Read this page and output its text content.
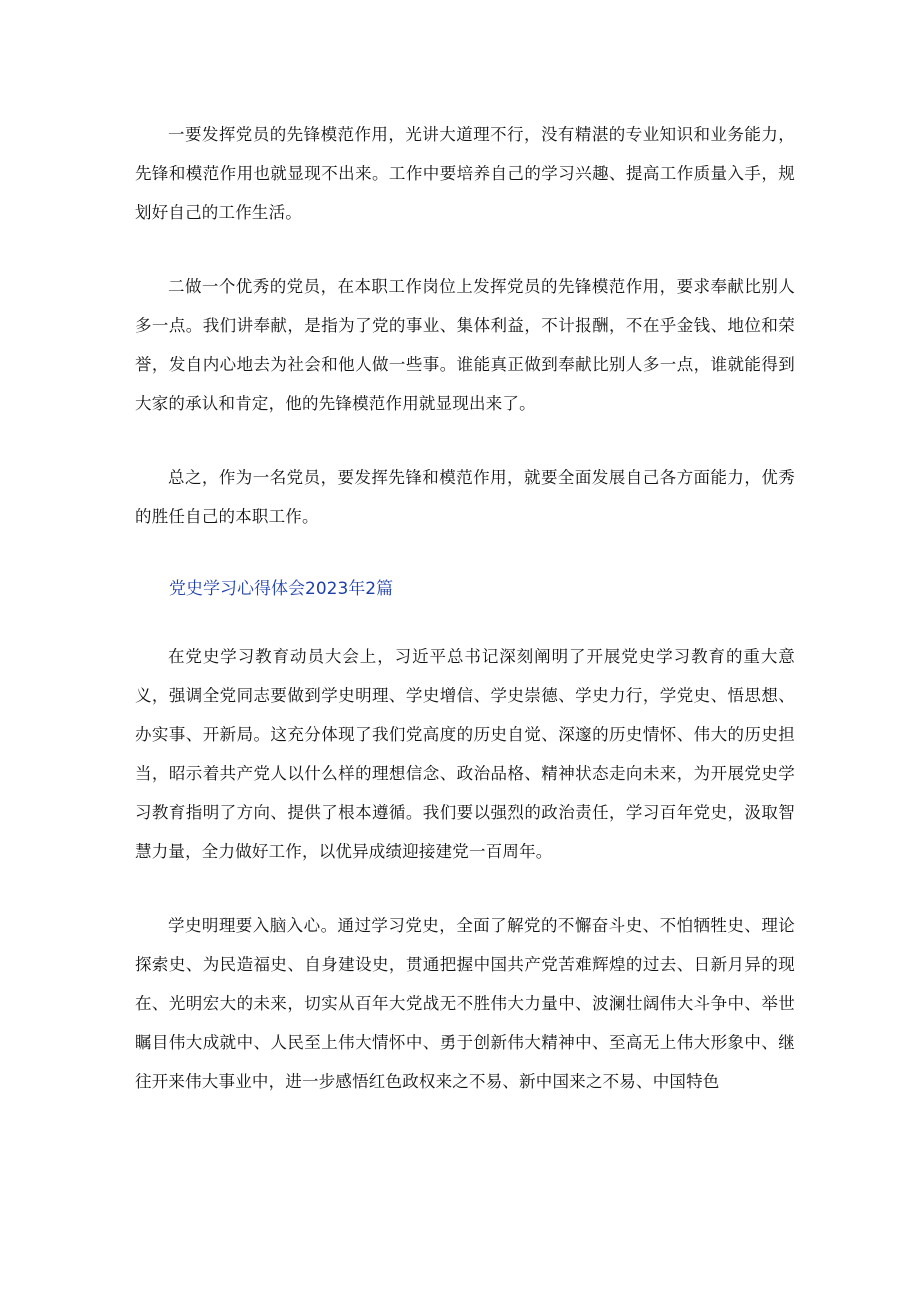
一要发挥党员的先锋模范作用，光讲大道理不行，没有精湛的专业知识和业务能力，先锋和模范作用也就显现不出来。工作中要培养自己的学习兴趣、提高工作质量入手，规划好自己的工作生活。

二做一个优秀的党员，在本职工作岗位上发挥党员的先锋模范作用，要求奉献比别人多一点。我们讲奉献，是指为了党的事业、集体利益，不计报酬，不在乎金钱、地位和荣誉，发自内心地去为社会和他人做一些事。谁能真正做到奉献比别人多一点，谁就能得到大家的承认和肯定，他的先锋模范作用就显现出来了。

总之，作为一名党员，要发挥先锋和模范作用，就要全面发展自己各方面能力，优秀的胜任自己的本职工作。

党史学习心得体会2023年2篇

在党史学习教育动员大会上，习近平总书记深刻阐明了开展党史学习教育的重大意义，强调全党同志要做到学史明理、学史增信、学史崇德、学史力行，学党史、悟思想、办实事、开新局。这充分体现了我们党高度的历史自觉、深邃的历史情怀、伟大的历史担当，昭示着共产党人以什么样的理想信念、政治品格、精神状态走向未来，为开展党史学习教育指明了方向、提供了根本遵循。我们要以强烈的政治责任，学习百年党史，汲取智慧力量，全力做好工作，以优异成绩迎接建党一百周年。

学史明理要入脑入心。通过学习党史，全面了解党的不懈奋斗史、不怕牺牲史、理论探索史、为民造福史、自身建设史，贯通把握中国共产党苦难辉煌的过去、日新月异的现在、光明宏大的未来，切实从百年大党战无不胜伟大力量中、波澜壮阔伟大斗争中、举世瞩目伟大成就中、人民至上伟大情怀中、勇于创新伟大精神中、至高无上伟大形象中、继往开来伟大事业中，进一步感悟红色政权来之不易、新中国来之不易、中国特色
